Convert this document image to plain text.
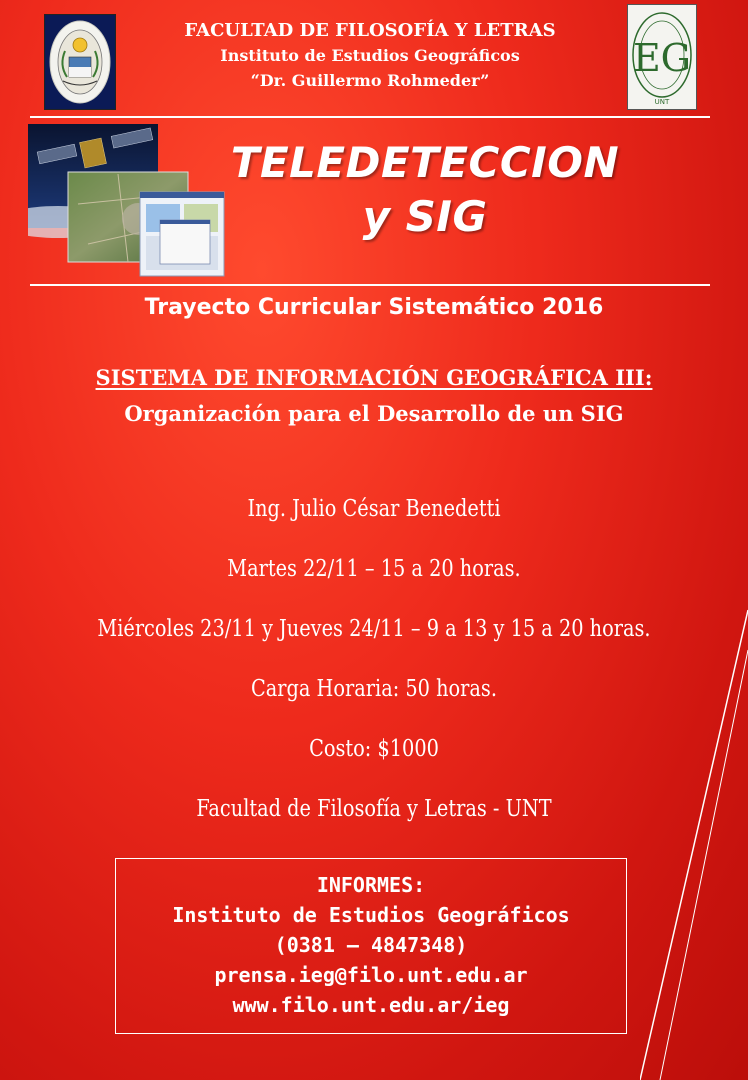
FACULTAD DE FILOSOFÍA Y LETRAS
Instituto de Estudios Geográficos
“Dr. Guillermo Rohmeder”
EG
UNT
TELEDETECCION
y SIG
Trayecto Curricular Sistemático 2016
SISTEMA DE INFORMACIÓN GEOGRÁFICA III:
Organización para el Desarrollo de un SIG
Ing. Julio César Benedetti
Martes 22/11 – 15 a 20 horas.
Miércoles 23/11 y Jueves 24/11 – 9 a 13 y 15 a 20 horas.
Carga Horaria: 50 horas.
Costo: $1000
Facultad de Filosofía y Letras - UNT
INFORMES:
Instituto de Estudios Geográficos
(0381 – 4847348)
prensa.ieg@filo.unt.edu.ar
www.filo.unt.edu.ar/ieg
